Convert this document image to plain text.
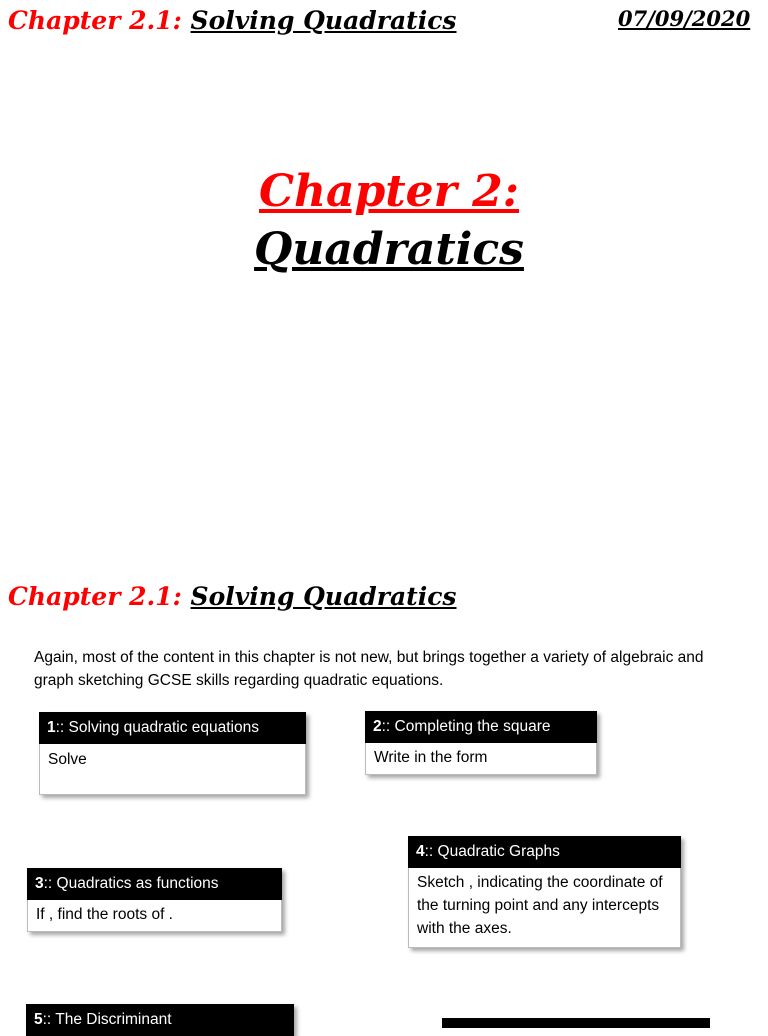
Chapter 2.1: Solving Quadratics	07/09/2020
Chapter 2:
Quadratics
Chapter 2.1: Solving Quadratics
Again, most of the content in this chapter is not new, but brings together a variety of algebraic and graph sketching GCSE skills regarding quadratic equations.
1:: Solving quadratic equations
Solve
2:: Completing the square
Write in the form
4:: Quadratic Graphs
Sketch , indicating the coordinate of the turning point and any intercepts with the axes.
3:: Quadratics as functions
If , find the roots of .
5:: The Discriminant
